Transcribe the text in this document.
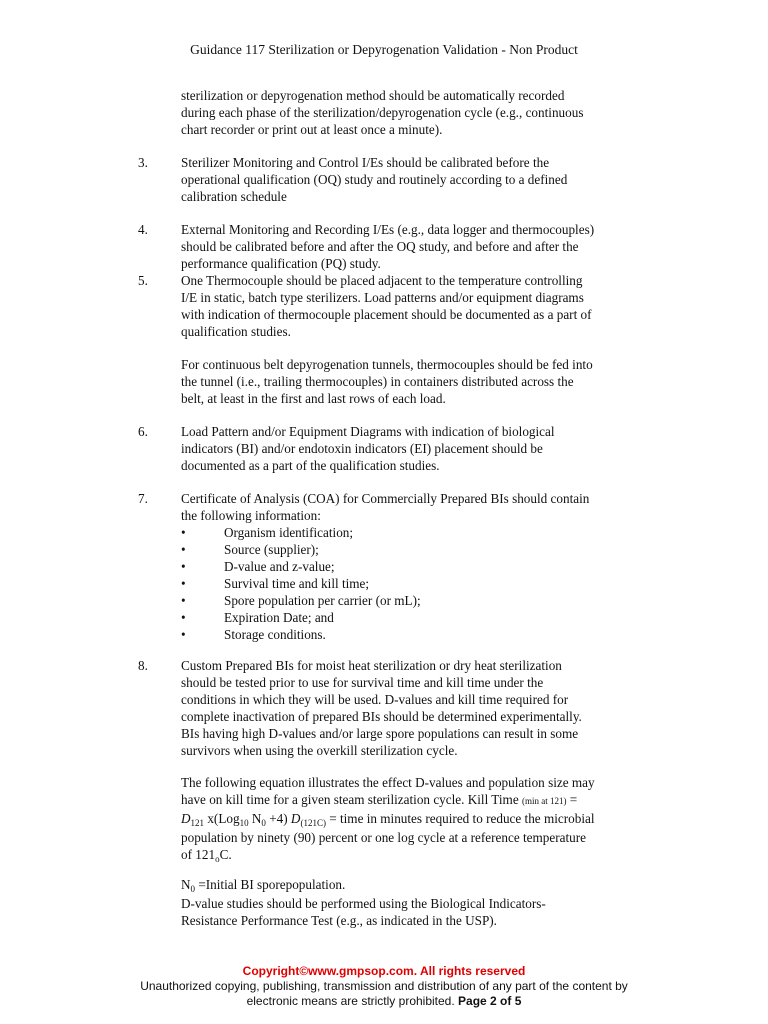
Guidance 117 Sterilization or Depyrogenation Validation - Non Product
sterilization or depyrogenation method should be automatically recorded
during each phase of the sterilization/depyrogenation cycle (e.g., continuous
chart recorder or print out at least once a minute).
3.	Sterilizer Monitoring and Control I/Es should be calibrated before the
operational qualification (OQ) study and routinely according to a defined
calibration schedule
4.	External Monitoring and Recording I/Es (e.g., data logger and thermocouples)
should be calibrated before and after the OQ study, and before and after the
performance qualification (PQ) study.
5.	One Thermocouple should be placed adjacent to the temperature controlling
I/E in static, batch type sterilizers. Load patterns and/or equipment diagrams
with indication of thermocouple placement should be documented as a part of
qualification studies.
For continuous belt depyrogenation tunnels, thermocouples should be fed into
the tunnel (i.e., trailing thermocouples) in containers distributed across the
belt, at least in the first and last rows of each load.
6.	Load Pattern and/or Equipment Diagrams with indication of biological
indicators (BI) and/or endotoxin indicators (EI) placement should be
documented as a part of the qualification studies.
7.	Certificate of Analysis (COA) for Commercially Prepared BIs should contain
the following information:
•	Organism identification;
•	Source (supplier);
•	D-value and z-value;
•	Survival time and kill time;
•	Spore population per carrier (or mL);
•	Expiration Date; and
•	Storage conditions.
8.	Custom Prepared BIs for moist heat sterilization or dry heat sterilization
should be tested prior to use for survival time and kill time under the
conditions in which they will be used. D-values and kill time required for
complete inactivation of prepared BIs should be determined experimentally.
BIs having high D-values and/or large spore populations can result in some
survivors when using the overkill sterilization cycle.
The following equation illustrates the effect D-values and population size may
have on kill time for a given steam sterilization cycle. Kill Time (min at 121) =
$D_{121}$ x(Log$_{10}$ $N_0 +4$) $D_{(121C)}$ = time in minutes required to reduce the microbial
population by ninety (90) percent or one log cycle at a reference temperature
of $121_oC$.
$N_0$ =Initial BI sporepopulation.
D-value studies should be performed using the Biological Indicators-
Resistance Performance Test (e.g., as indicated in the USP).
Copyright©www.gmpsop.com. All rights reserved
Unauthorized copying, publishing, transmission and distribution of any part of the content by
electronic means are strictly prohibited. Page 2 of 5
